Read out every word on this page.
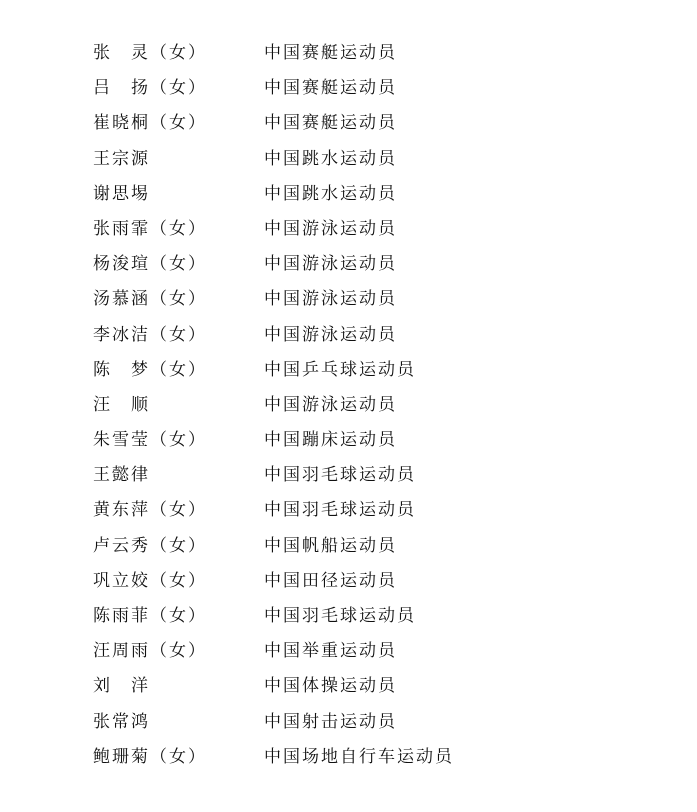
张　灵（女）	中国赛艇运动员
吕　扬（女）	中国赛艇运动员
崔晓桐（女）	中国赛艇运动员
王宗源	中国跳水运动员
谢思埸	中国跳水运动员
张雨霏（女）	中国游泳运动员
杨浚瑄（女）	中国游泳运动员
汤慕涵（女）	中国游泳运动员
李冰洁（女）	中国游泳运动员
陈　梦（女）	中国乒乓球运动员
汪　顺	中国游泳运动员
朱雪莹（女）	中国蹦床运动员
王懿律	中国羽毛球运动员
黄东萍（女）	中国羽毛球运动员
卢云秀（女）	中国帆船运动员
巩立姣（女）	中国田径运动员
陈雨菲（女）	中国羽毛球运动员
汪周雨（女）	中国举重运动员
刘　洋	中国体操运动员
张常鸿	中国射击运动员
鲍珊菊（女）	中国场地自行车运动员
